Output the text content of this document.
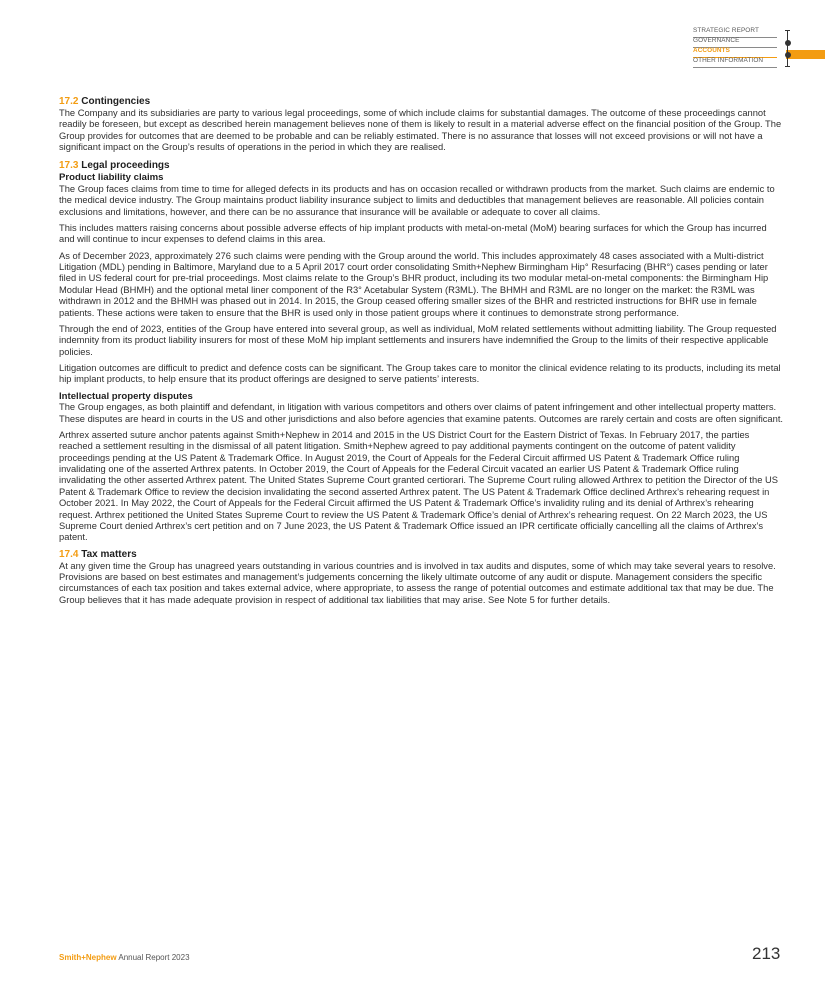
STRATEGIC REPORT
GOVERNANCE
ACCOUNTS
OTHER INFORMATION
17.2 Contingencies

The Company and its subsidiaries are party to various legal proceedings, some of which include claims for substantial damages. The outcome of these proceedings cannot readily be foreseen, but except as described herein management believes none of them is likely to result in a material adverse effect on the financial position of the Group. The Group provides for outcomes that are deemed to be probable and can be reliably estimated. There is no assurance that losses will not exceed provisions or will not have a significant impact on the Group’s results of operations in the period in which they are realised.

17.3 Legal proceedings
Product liability claims

The Group faces claims from time to time for alleged defects in its products and has on occasion recalled or withdrawn products from the market. Such claims are endemic to the medical device industry. The Group maintains product liability insurance subject to limits and deductibles that management believes are reasonable. All policies contain exclusions and limitations, however, and there can be no assurance that insurance will be available or adequate to cover all claims.

This includes matters raising concerns about possible adverse effects of hip implant products with metal-on-metal (MoM) bearing surfaces for which the Group has incurred and will continue to incur expenses to defend claims in this area.

As of December 2023, approximately 276 such claims were pending with the Group around the world. This includes approximately 48 cases associated with a Multi-district Litigation (MDL) pending in Baltimore, Maryland due to a 5 April 2017 court order consolidating Smith+Nephew Birmingham Hip° Resurfacing (BHR°) cases pending or later filed in US federal court for pre-trial proceedings. Most claims relate to the Group’s BHR product, including its two modular metal-on-metal components: the Birmingham Hip Modular Head (BHMH) and the optional metal liner component of the R3° Acetabular System (R3ML). The BHMH and R3ML are no longer on the market: the R3ML was withdrawn in 2012 and the BHMH was phased out in 2014. In 2015, the Group ceased offering smaller sizes of the BHR and restricted instructions for BHR use in female patients. These actions were taken to ensure that the BHR is used only in those patient groups where it continues to demonstrate strong performance.

Through the end of 2023, entities of the Group have entered into several group, as well as individual, MoM related settlements without admitting liability. The Group requested indemnity from its product liability insurers for most of these MoM hip implant settlements and insurers have indemnified the Group to the limits of their respective applicable policies.

Litigation outcomes are difficult to predict and defence costs can be significant. The Group takes care to monitor the clinical evidence relating to its products, including its metal hip implant products, to help ensure that its product offerings are designed to serve patients’ interests.

Intellectual property disputes

The Group engages, as both plaintiff and defendant, in litigation with various competitors and others over claims of patent infringement and other intellectual property matters. These disputes are heard in courts in the US and other jurisdictions and also before agencies that examine patents. Outcomes are rarely certain and costs are often significant.

Arthrex asserted suture anchor patents against Smith+Nephew in 2014 and 2015 in the US District Court for the Eastern District of Texas. In February 2017, the parties reached a settlement resulting in the dismissal of all patent litigation. Smith+Nephew agreed to pay additional payments contingent on the outcome of patent validity proceedings pending at the US Patent & Trademark Office. In August 2019, the Court of Appeals for the Federal Circuit affirmed US Patent & Trademark Office ruling invalidating one of the asserted Arthrex patents. In October 2019, the Court of Appeals for the Federal Circuit vacated an earlier US Patent & Trademark Office ruling invalidating the other asserted Arthrex patent. The United States Supreme Court granted certiorari. The Supreme Court ruling allowed Arthrex to petition the Director of the US Patent & Trademark Office to review the decision invalidating the second asserted Arthrex patent. The US Patent & Trademark Office declined Arthrex’s rehearing request in October 2021. In May 2022, the Court of Appeals for the Federal Circuit affirmed the US Patent & Trademark Office’s invalidity ruling and its denial of Arthrex’s rehearing request. Arthrex petitioned the United States Supreme Court to review the US Patent & Trademark Office’s denial of Arthrex’s rehearing request. On 22 March 2023, the US Supreme Court denied Arthrex’s cert petition and on 7 June 2023, the US Patent & Trademark Office issued an IPR certificate officially cancelling all the claims of Arthrex’s patent.

17.4 Tax matters

At any given time the Group has unagreed years outstanding in various countries and is involved in tax audits and disputes, some of which may take several years to resolve. Provisions are based on best estimates and management’s judgements concerning the likely ultimate outcome of any audit or dispute. Management considers the specific circumstances of each tax position and takes external advice, where appropriate, to assess the range of potential outcomes and estimate additional tax that may be due. The Group believes that it has made adequate provision in respect of additional tax liabilities that may arise. See Note 5 for further details.

Smith+Nephew Annual Report 2023	213
